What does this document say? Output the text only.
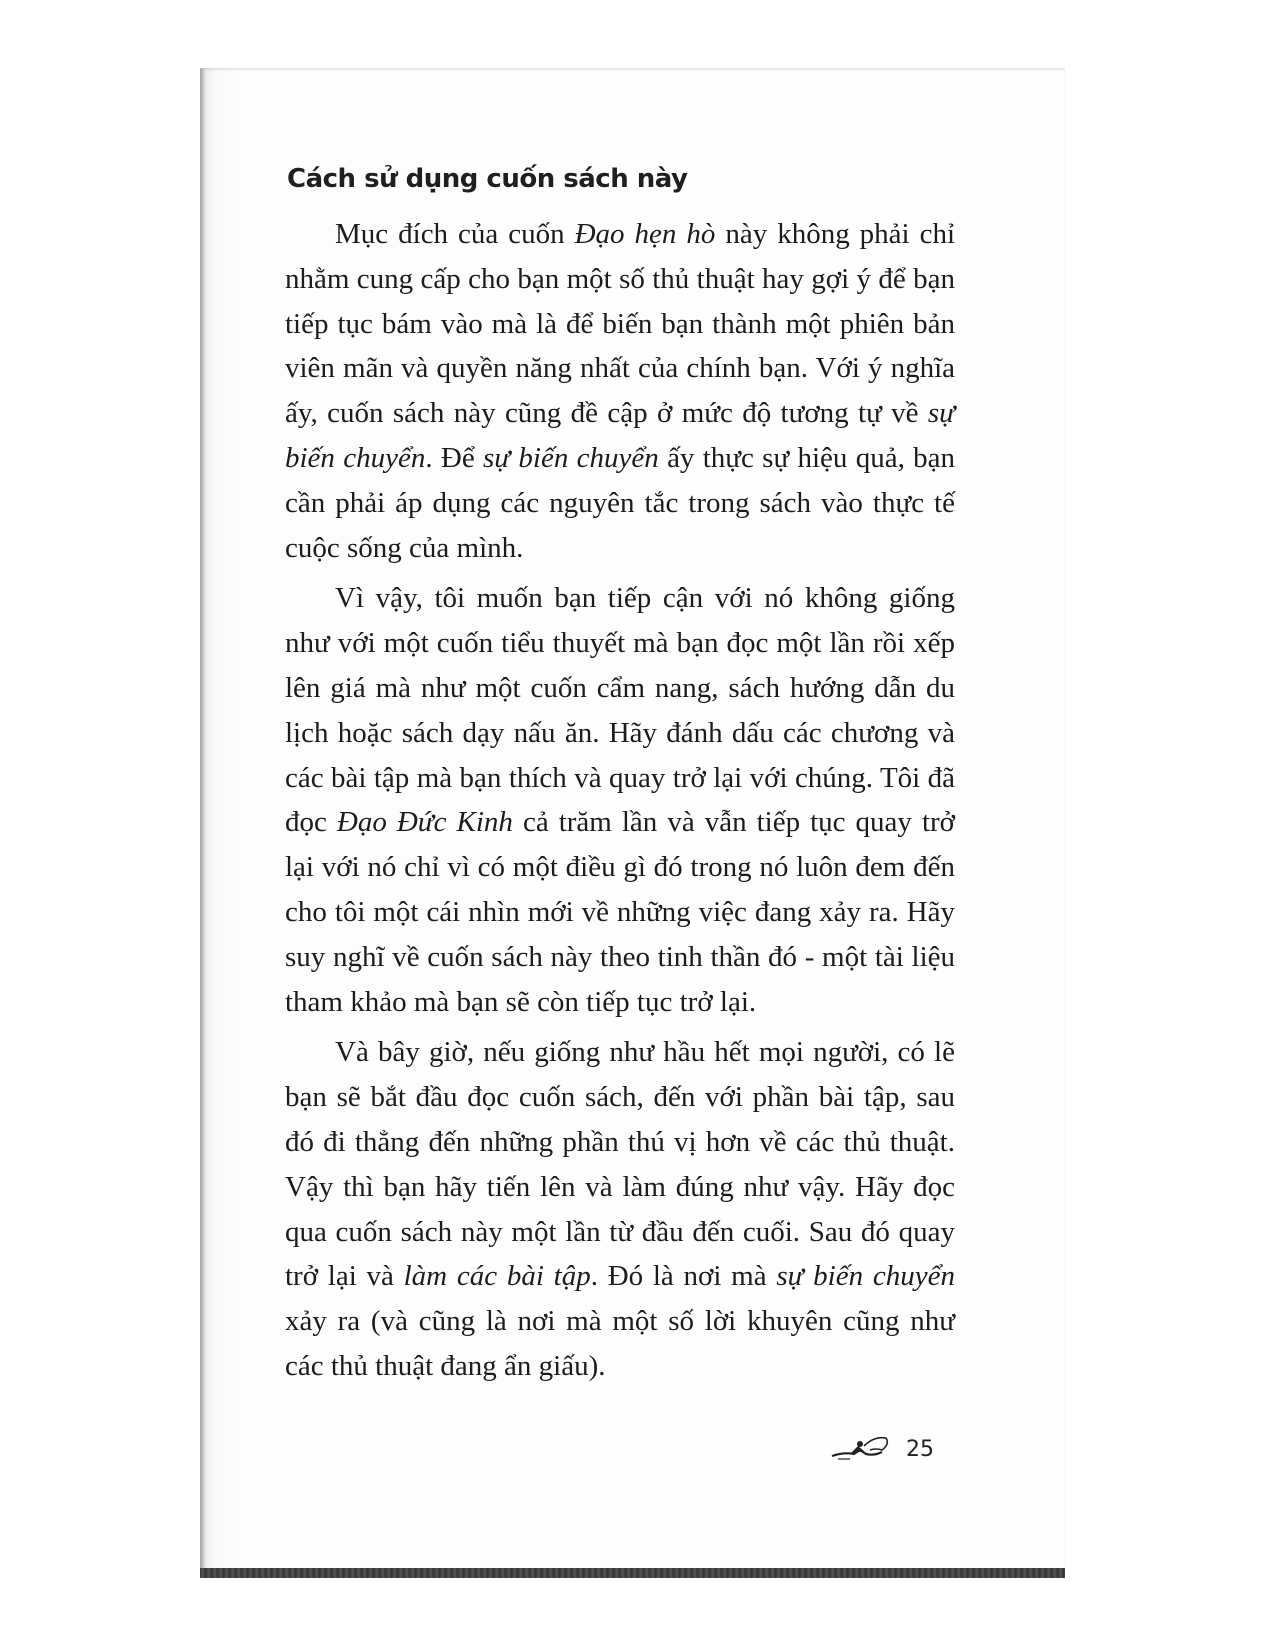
Cách sử dụng cuốn sách này

Mục đích của cuốn Đạo hẹn hò này không phải chỉ nhằm cung cấp cho bạn một số thủ thuật hay gợi ý để bạn tiếp tục bám vào mà là để biến bạn thành một phiên bản viên mãn và quyền năng nhất của chính bạn. Với ý nghĩa ấy, cuốn sách này cũng đề cập ở mức độ tương tự về sự biến chuyển. Để sự biến chuyển ấy thực sự hiệu quả, bạn cần phải áp dụng các nguyên tắc trong sách vào thực tế cuộc sống của mình.

Vì vậy, tôi muốn bạn tiếp cận với nó không giống như với một cuốn tiểu thuyết mà bạn đọc một lần rồi xếp lên giá mà như một cuốn cẩm nang, sách hướng dẫn du lịch hoặc sách dạy nấu ăn. Hãy đánh dấu các chương và các bài tập mà bạn thích và quay trở lại với chúng. Tôi đã đọc Đạo Đức Kinh cả trăm lần và vẫn tiếp tục quay trở lại với nó chỉ vì có một điều gì đó trong nó luôn đem đến cho tôi một cái nhìn mới về những việc đang xảy ra. Hãy suy nghĩ về cuốn sách này theo tinh thần đó - một tài liệu tham khảo mà bạn sẽ còn tiếp tục trở lại.

Và bây giờ, nếu giống như hầu hết mọi người, có lẽ bạn sẽ bắt đầu đọc cuốn sách, đến với phần bài tập, sau đó đi thẳng đến những phần thú vị hơn về các thủ thuật. Vậy thì bạn hãy tiến lên và làm đúng như vậy. Hãy đọc qua cuốn sách này một lần từ đầu đến cuối. Sau đó quay trở lại và làm các bài tập. Đó là nơi mà sự biến chuyển xảy ra (và cũng là nơi mà một số lời khuyên cũng như các thủ thuật đang ẩn giấu).

25
